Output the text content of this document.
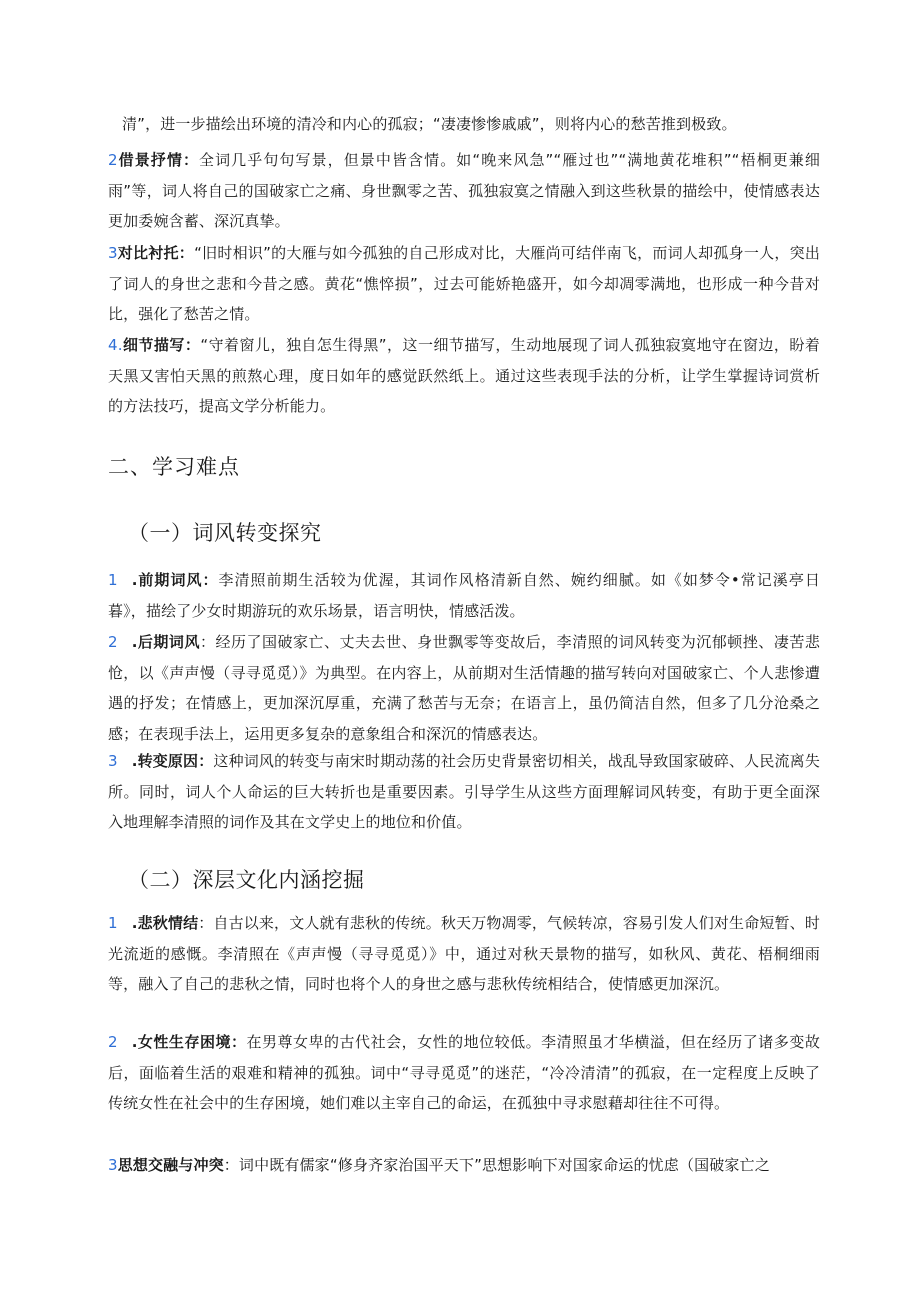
清”，进一步描绘出环境的清冷和内心的孤寂；“凄凄惨惨戚戚”，则将内心的愁苦推到极致。

2借景抒情：全词几乎句句写景，但景中皆含情。如“晚来风急”“雁过也”“满地黄花堆积”“梧桐更兼细雨”等，词人将自己的国破家亡之痛、身世飘零之苦、孤独寂寞之情融入到这些秋景的描绘中，使情感表达更加委婉含蓄、深沉真挚。

3对比衬托：“旧时相识”的大雁与如今孤独的自己形成对比，大雁尚可结伴南飞，而词人却孤身一人，突出了词人的身世之悲和今昔之感。黄花“憔悴损”，过去可能娇艳盛开，如今却凋零满地，也形成一种今昔对比，强化了愁苦之情。

4.细节描写：“守着窗儿，独自怎生得黑”，这一细节描写，生动地展现了词人孤独寂寞地守在窗边，盼着天黑又害怕天黑的煎熬心理，度日如年的感觉跃然纸上。通过这些表现手法的分析，让学生掌握诗词赏析的方法技巧，提高文学分析能力。

二、学习难点
（一）词风转变探究

1 .前期词风：李清照前期生活较为优渥，其词作风格清新自然、婉约细腻。如《如梦令•常记溪亭日暮》，描绘了少女时期游玩的欢乐场景，语言明快，情感活泼。

2 .后期词风：经历了国破家亡、丈夫去世、身世飘零等变故后，李清照的词风转变为沉郁顿挫、凄苦悲怆，以《声声慢（寻寻觅觅）》为典型。在内容上，从前期对生活情趣的描写转向对国破家亡、个人悲惨遭遇的抒发；在情感上，更加深沉厚重，充满了愁苦与无奈；在语言上，虽仍简洁自然，但多了几分沧桑之感；在表现手法上，运用更多复杂的意象组合和深沉的情感表达。

3 .转变原因：这种词风的转变与南宋时期动荡的社会历史背景密切相关，战乱导致国家破碎、人民流离失所。同时，词人个人命运的巨大转折也是重要因素。引导学生从这些方面理解词风转变，有助于更全面深入地理解李清照的词作及其在文学史上的地位和价值。

（二）深层文化内涵挖掘

1 .悲秋情结：自古以来，文人就有悲秋的传统。秋天万物凋零，气候转凉，容易引发人们对生命短暂、时光流逝的感慨。李清照在《声声慢（寻寻觅觅）》中，通过对秋天景物的描写，如秋风、黄花、梧桐细雨等，融入了自己的悲秋之情，同时也将个人的身世之感与悲秋传统相结合，使情感更加深沉。

2 .女性生存困境：在男尊女卑的古代社会，女性的地位较低。李清照虽才华横溢，但在经历了诸多变故后，面临着生活的艰难和精神的孤独。词中“寻寻觅觅”的迷茫，“冷冷清清”的孤寂，在一定程度上反映了传统女性在社会中的生存困境，她们难以主宰自己的命运，在孤独中寻求慰藉却往往不可得。

3思想交融与冲突：词中既有儒家“修身齐家治国平天下”思想影响下对国家命运的忧虑（国破家亡之
